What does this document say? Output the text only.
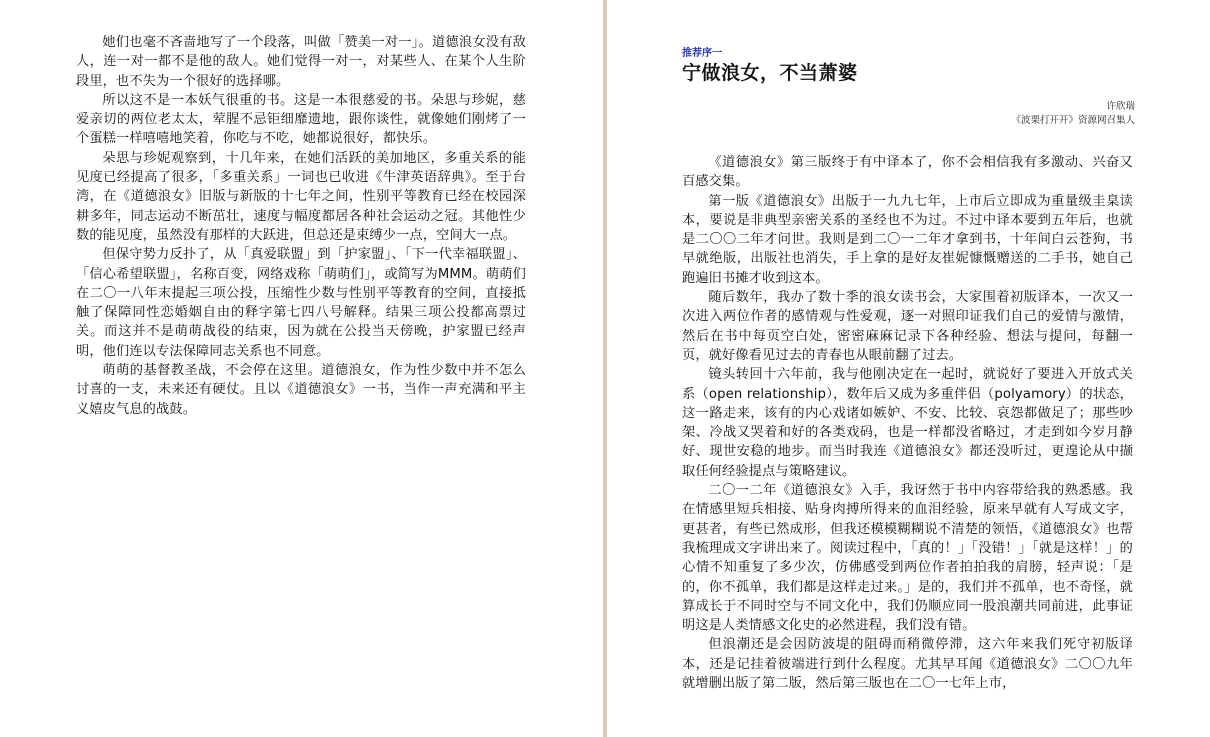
她们也毫不吝啬地写了一个段落，叫做「赞美一对一」。道德浪女没有敌人，连一对一都不是他的敌人。她们觉得一对一，对某些人、在某个人生阶段里，也不失为一个很好的选择哪。

所以这不是一本妖气很重的书。这是一本很慈爱的书。朵思与珍妮，慈爱亲切的两位老太太，荤腥不忌钜细靡遗地，跟你谈性，就像她们刚烤了一个蛋糕一样嘻嘻地笑着，你吃与不吃，她都说很好，都快乐。

朵思与珍妮观察到，十几年来，在她们活跃的美加地区，多重关系的能见度已经提高了很多，「多重关系」一词也已收进《牛津英语辞典》。至于台湾，在《道德浪女》旧版与新版的十七年之间，性别平等教育已经在校园深耕多年，同志运动不断茁壮，速度与幅度都居各种社会运动之冠。其他性少数的能见度，虽然没有那样的大跃进，但总还是束缚少一点，空间大一点。

但保守势力反扑了，从「真爱联盟」到「护家盟」、「下一代幸福联盟」、「信心希望联盟」，名称百变，网络戏称「萌萌们」，或简写为MMM。萌萌们在二〇一八年末提起三项公投，压缩性少数与性别平等教育的空间，直接抵触了保障同性恋婚姻自由的释字第七四八号解释。结果三项公投都高票过关。而这并不是萌萌战役的结束，因为就在公投当天傍晚，护家盟已经声明，他们连以专法保障同志关系也不同意。

萌萌的基督教圣战，不会停在这里。道德浪女，作为性少数中并不怎么讨喜的一支，未来还有硬仗。且以《道德浪女》一书，当作一声充满和平主义嬉皮气息的战鼓。

推荐序一
宁做浪女，不当萧婆
许欣瑞
《波栗打开开》资源网召集人

《道德浪女》第三版终于有中译本了，你不会相信我有多激动、兴奋又百感交集。

第一版《道德浪女》出版于一九九七年，上市后立即成为重量级圭臬读本，要说是非典型亲密关系的圣经也不为过。不过中译本要到五年后，也就是二〇〇二年才问世。我则是到二〇一二年才拿到书，十年间白云苍狗，书早就绝版，出版社也消失，手上拿的是好友崔妮慷慨赠送的二手书，她自己跑遍旧书摊才收到这本。

随后数年，我办了数十季的浪女读书会，大家围着初版译本，一次又一次进入两位作者的感情观与性爱观，逐一对照印证我们自己的爱情与激情，然后在书中每页空白处，密密麻麻记录下各种经验、想法与提问，每翻一页，就好像看见过去的青春也从眼前翻了过去。

镜头转回十六年前，我与他刚决定在一起时，就说好了要进入开放式关系（open relationship），数年后又成为多重伴侣（polyamory）的状态，这一路走来，该有的内心戏诸如嫉妒、不安、比较、哀怨都做足了；那些吵架、冷战又哭着和好的各类戏码，也是一样都没省略过，才走到如今岁月静好、现世安稳的地步。而当时我连《道德浪女》都还没听过，更遑论从中撷取任何经验提点与策略建议。

二〇一二年《道德浪女》入手，我讶然于书中内容带给我的熟悉感。我在情感里短兵相接、贴身肉搏所得来的血泪经验，原来早就有人写成文字，更甚者，有些已然成形，但我还模模糊糊说不清楚的领悟，《道德浪女》也帮我梳理成文字讲出来了。阅读过程中，「真的！」「没错！」「就是这样！」的心情不知重复了多少次，仿佛感受到两位作者拍拍我的肩膀，轻声说：「是的，你不孤单，我们都是这样走过来。」是的，我们并不孤单，也不奇怪，就算成长于不同时空与不同文化中，我们仍顺应同一股浪潮共同前进，此事证明这是人类情感文化史的必然进程，我们没有错。

但浪潮还是会因防波堤的阻碍而稍微停滞，这六年来我们死守初版译本，还是记挂着彼端进行到什么程度。尤其早耳闻《道德浪女》二〇〇九年就增删出版了第二版，然后第三版也在二〇一七年上市，
